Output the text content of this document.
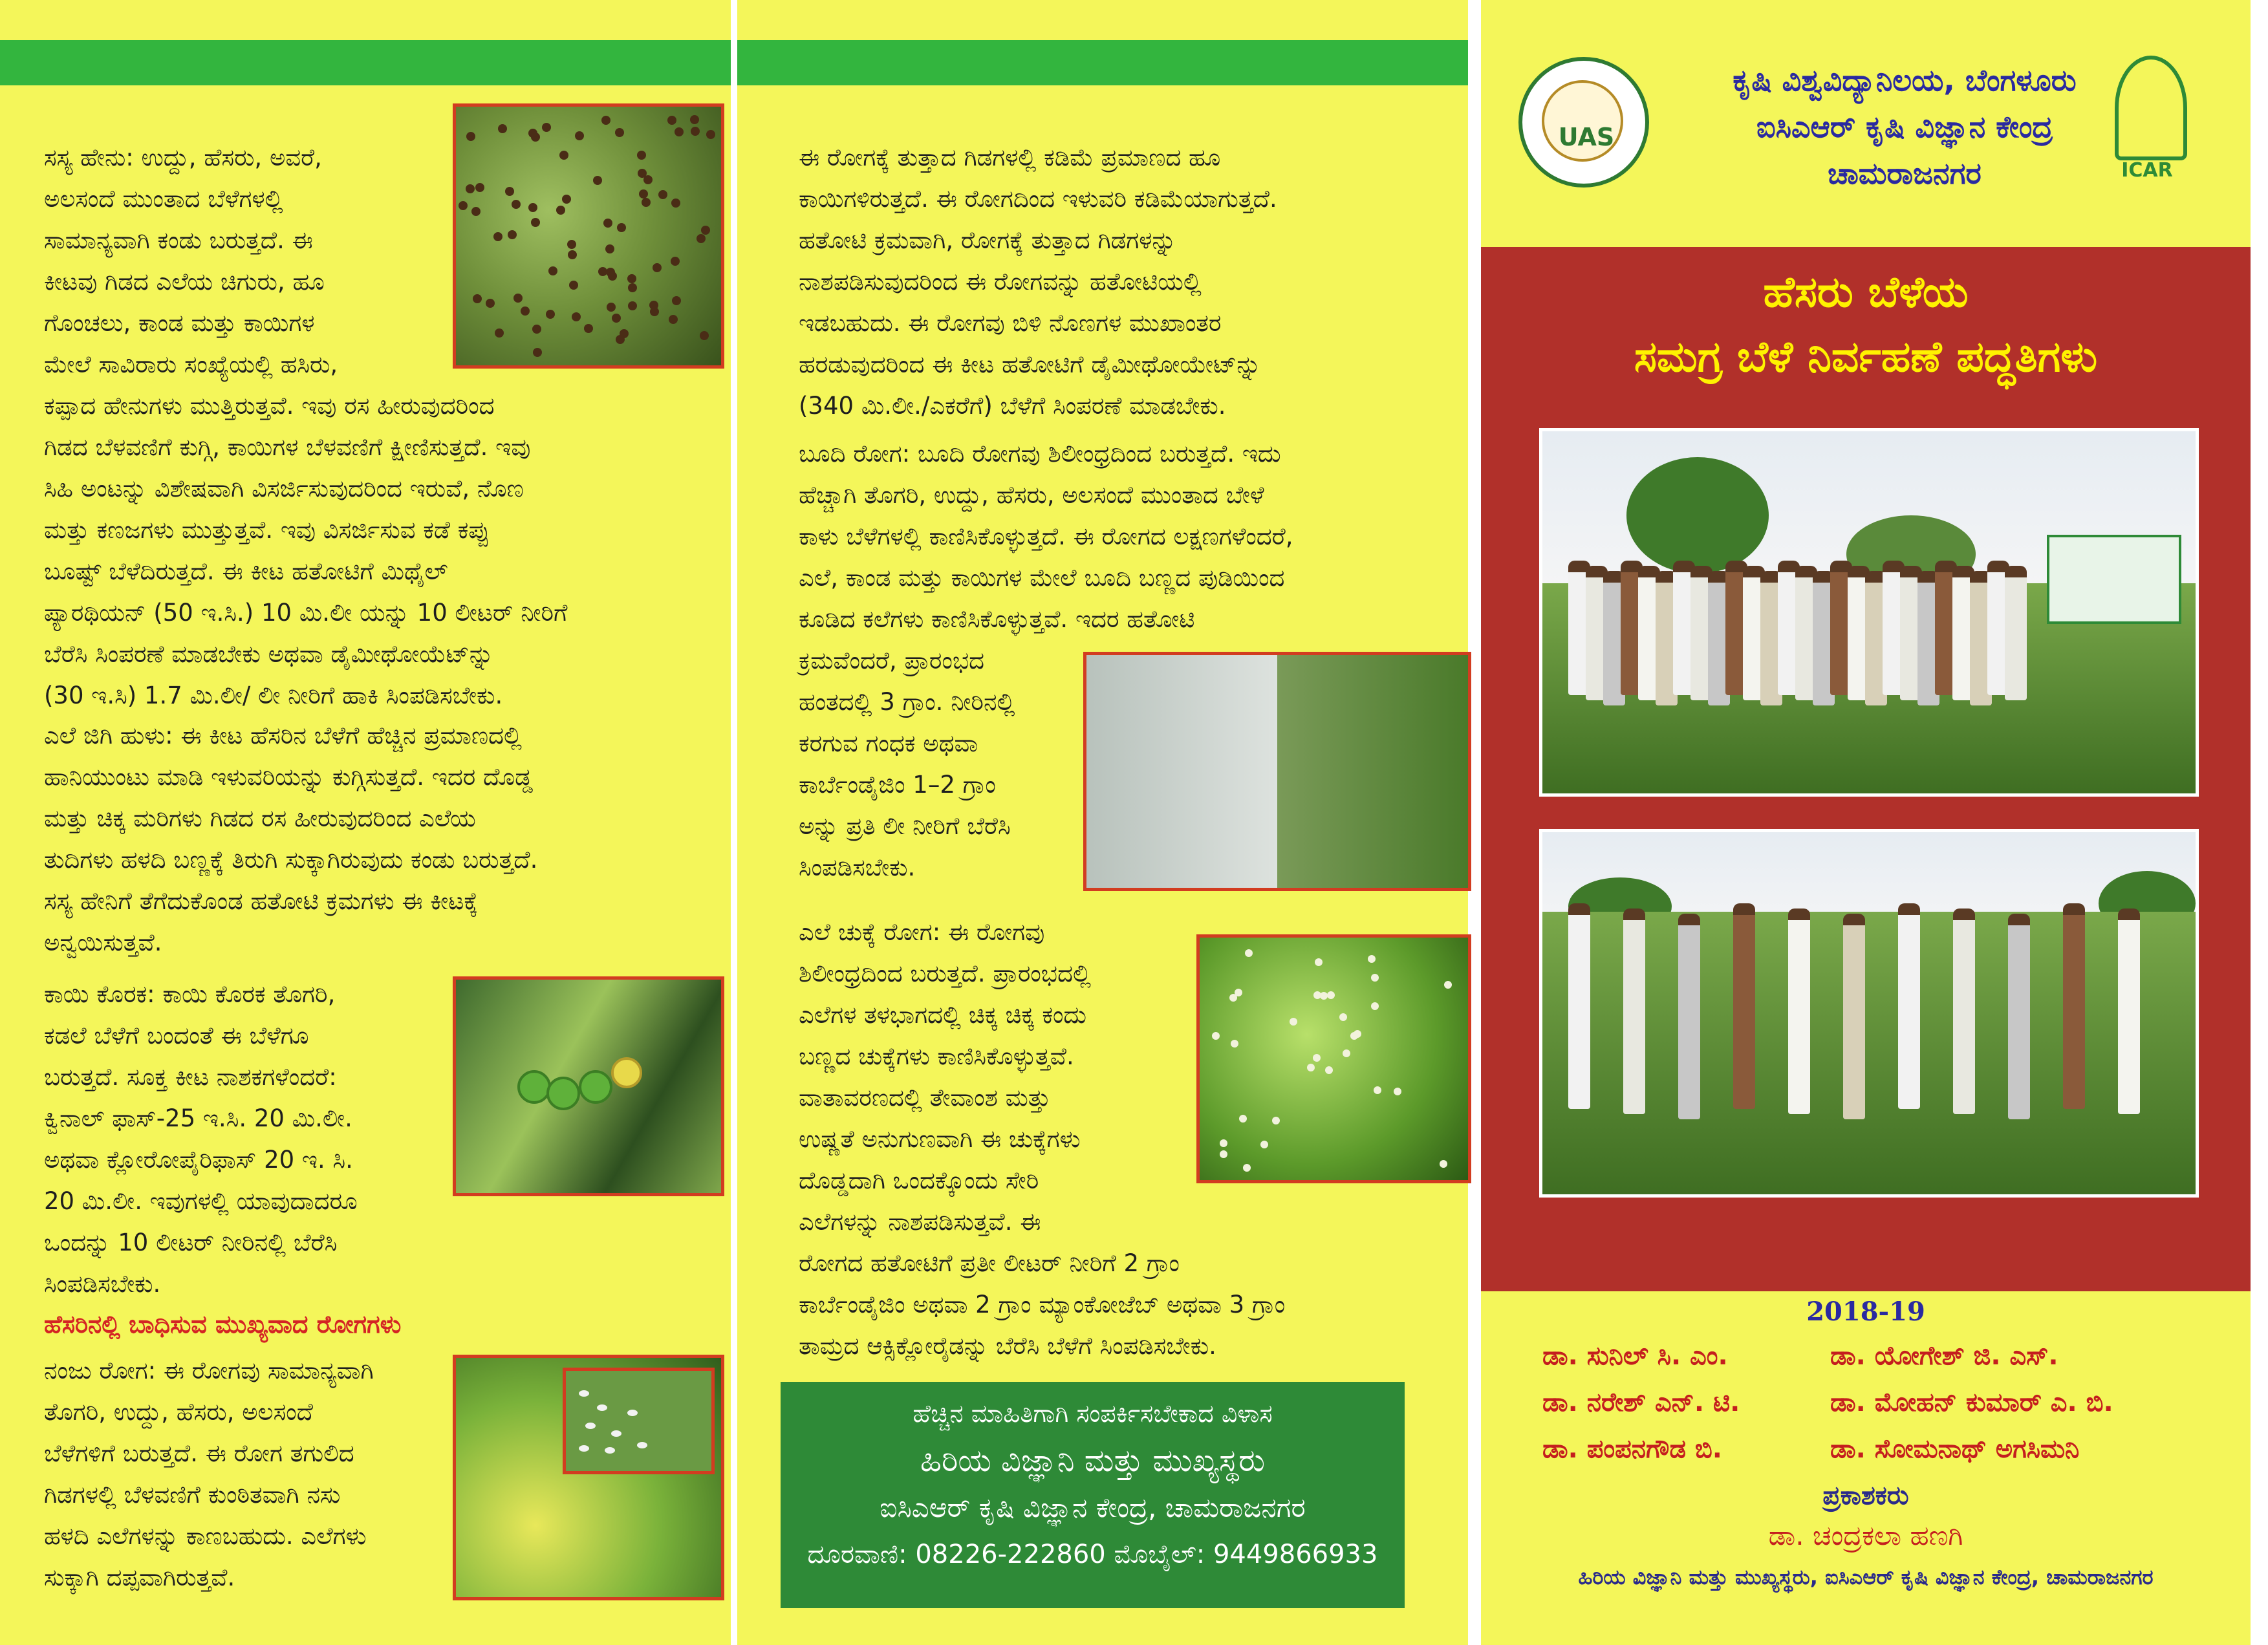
ಸಸ್ಯ ಹೇನು: ಉದ್ದು, ಹೆಸರು, ಅವರೆ,
ಅಲಸಂದೆ ಮುಂತಾದ ಬೆಳೆಗಳಲ್ಲಿ
ಸಾಮಾನ್ಯವಾಗಿ ಕಂಡು ಬರುತ್ತದೆ. ಈ
ಕೀಟವು ಗಿಡದ ಎಲೆಯ ಚಿಗುರು, ಹೂ
ಗೊಂಚಲು, ಕಾಂಡ ಮತ್ತು ಕಾಯಿಗಳ
ಮೇಲೆ ಸಾವಿರಾರು ಸಂಖ್ಯೆಯಲ್ಲಿ ಹಸಿರು,
ಕಪ್ಪಾದ ಹೇನುಗಳು ಮುತ್ತಿರುತ್ತವೆ. ಇವು ರಸ ಹೀರುವುದರಿಂದ
ಗಿಡದ ಬೆಳವಣಿಗೆ ಕುಗ್ಗಿ, ಕಾಯಿಗಳ ಬೆಳವಣಿಗೆ ಕ್ಷೀಣಿಸುತ್ತದೆ. ಇವು
ಸಿಹಿ ಅಂಟನ್ನು ವಿಶೇಷವಾಗಿ ವಿಸರ್ಜಿಸುವುದರಿಂದ ಇರುವೆ, ನೊಣ
ಮತ್ತು ಕಣಜಗಳು ಮುತ್ತುತ್ತವೆ. ಇವು ವಿಸರ್ಜಿಸುವ ಕಡೆ ಕಪ್ಪು
ಬೂಷ್ಟ್ ಬೆಳೆದಿರುತ್ತದೆ. ಈ ಕೀಟ ಹತೋಟಿಗೆ ಮಿಥೈಲ್
ಪ್ಯಾರಥಿಯನ್ (50 ಇ.ಸಿ.) 10 ಮಿ.ಲೀ ಯನ್ನು 10 ಲೀಟರ್ ನೀರಿಗೆ
ಬೆರೆಸಿ ಸಿಂಪರಣೆ ಮಾಡಬೇಕು ಅಥವಾ ಡೈಮೀಥೋಯೆಟ್‌ನ್ನು
(30 ಇ.ಸಿ) 1.7 ಮಿ.ಲೀ/ ಲೀ ನೀರಿಗೆ ಹಾಕಿ ಸಿಂಪಡಿಸಬೇಕು.
ಎಲೆ ಜಿಗಿ ಹುಳು: ಈ ಕೀಟ ಹೆಸರಿನ ಬೆಳೆಗೆ ಹೆಚ್ಚಿನ ಪ್ರಮಾಣದಲ್ಲಿ
ಹಾನಿಯುಂಟು ಮಾಡಿ ಇಳುವರಿಯನ್ನು ಕುಗ್ಗಿಸುತ್ತದೆ. ಇದರ ದೊಡ್ಡ
ಮತ್ತು ಚಿಕ್ಕ ಮರಿಗಳು ಗಿಡದ ರಸ ಹೀರುವುದರಿಂದ ಎಲೆಯ
ತುದಿಗಳು ಹಳದಿ ಬಣ್ಣಕ್ಕೆ ತಿರುಗಿ ಸುಕ್ಕಾಗಿರುವುದು ಕಂಡು ಬರುತ್ತದೆ.
ಸಸ್ಯ ಹೇನಿಗೆ ತೆಗೆದುಕೊಂಡ ಹತೋಟಿ ಕ್ರಮಗಳು ಈ ಕೀಟಕ್ಕೆ
ಅನ್ವಯಿಸುತ್ತವೆ.
ಕಾಯಿ ಕೊರಕ: ಕಾಯಿ ಕೊರಕ ತೊಗರಿ,
ಕಡಲೆ ಬೆಳೆಗೆ ಬಂದಂತೆ ಈ ಬೆಳೆಗೂ
ಬರುತ್ತದೆ. ಸೂಕ್ತ ಕೀಟ ನಾಶಕಗಳೆಂದರೆ:
ಕ್ವಿನಾಲ್ ಫಾಸ್-25 ಇ.ಸಿ. 20 ಮಿ.ಲೀ.
ಅಥವಾ ಕ್ಲೋರೋಪೈರಿಫಾಸ್ 20 ಇ. ಸಿ.
20 ಮಿ.ಲೀ. ಇವುಗಳಲ್ಲಿ ಯಾವುದಾದರೂ
ಒಂದನ್ನು 10 ಲೀಟರ್ ನೀರಿನಲ್ಲಿ ಬೆರೆಸಿ
ಸಿಂಪಡಿಸಬೇಕು.
ಹೆಸರಿನಲ್ಲಿ ಬಾಧಿಸುವ ಮುಖ್ಯವಾದ ರೋಗಗಳು
ನಂಜು ರೋಗ: ಈ ರೋಗವು ಸಾಮಾನ್ಯವಾಗಿ
ತೊಗರಿ, ಉದ್ದು, ಹೆಸರು, ಅಲಸಂದೆ
ಬೆಳೆಗಳಿಗೆ ಬರುತ್ತದೆ. ಈ ರೋಗ ತಗುಲಿದ
ಗಿಡಗಳಲ್ಲಿ ಬೆಳವಣಿಗೆ ಕುಂಠಿತವಾಗಿ ನಸು
ಹಳದಿ ಎಲೆಗಳನ್ನು ಕಾಣಬಹುದು. ಎಲೆಗಳು
ಸುಕ್ಕಾಗಿ ದಪ್ಪವಾಗಿರುತ್ತವೆ.
ಈ ರೋಗಕ್ಕೆ ತುತ್ತಾದ ಗಿಡಗಳಲ್ಲಿ ಕಡಿಮೆ ಪ್ರಮಾಣದ ಹೂ
ಕಾಯಿಗಳಿರುತ್ತದೆ. ಈ ರೋಗದಿಂದ ಇಳುವರಿ ಕಡಿಮೆಯಾಗುತ್ತದೆ.
ಹತೋಟಿ ಕ್ರಮವಾಗಿ, ರೋಗಕ್ಕೆ ತುತ್ತಾದ ಗಿಡಗಳನ್ನು
ನಾಶಪಡಿಸುವುದರಿಂದ ಈ ರೋಗವನ್ನು ಹತೋಟಿಯಲ್ಲಿ
ಇಡಬಹುದು. ಈ ರೋಗವು ಬಿಳಿ ನೊಣಗಳ ಮುಖಾಂತರ
ಹರಡುವುದರಿಂದ ಈ ಕೀಟ ಹತೋಟಿಗೆ ಡೈಮೀಥೋಯೇಟ್‌ನ್ನು
(340 ಮಿ.ಲೀ./ಎಕರೆಗೆ) ಬೆಳೆಗೆ ಸಿಂಪರಣೆ ಮಾಡಬೇಕು.
ಬೂದಿ ರೋಗ: ಬೂದಿ ರೋಗವು ಶಿಲೀಂಧ್ರದಿಂದ ಬರುತ್ತದೆ. ಇದು
ಹೆಚ್ಚಾಗಿ ತೊಗರಿ, ಉದ್ದು, ಹೆಸರು, ಅಲಸಂದೆ ಮುಂತಾದ ಬೇಳೆ
ಕಾಳು ಬೆಳೆಗಳಲ್ಲಿ ಕಾಣಿಸಿಕೊಳ್ಳುತ್ತದೆ. ಈ ರೋಗದ ಲಕ್ಷಣಗಳೆಂದರೆ,
ಎಲೆ, ಕಾಂಡ ಮತ್ತು ಕಾಯಿಗಳ ಮೇಲೆ ಬೂದಿ ಬಣ್ಣದ ಪುಡಿಯಿಂದ
ಕೂಡಿದ ಕಲೆಗಳು ಕಾಣಿಸಿಕೊಳ್ಳುತ್ತವೆ. ಇದರ ಹತೋಟಿ
ಕ್ರಮವೆಂದರೆ, ಪ್ರಾರಂಭದ
ಹಂತದಲ್ಲಿ 3 ಗ್ರಾಂ. ನೀರಿನಲ್ಲಿ
ಕರಗುವ ಗಂಧಕ ಅಥವಾ
ಕಾರ್ಬೆಂಡೈಜಿಂ 1–2 ಗ್ರಾಂ
ಅನ್ನು ಪ್ರತಿ ಲೀ ನೀರಿಗೆ ಬೆರೆಸಿ
ಸಿಂಪಡಿಸಬೇಕು.
ಎಲೆ ಚುಕ್ಕೆ ರೋಗ: ಈ ರೋಗವು
ಶಿಲೀಂಧ್ರದಿಂದ ಬರುತ್ತದೆ. ಪ್ರಾರಂಭದಲ್ಲಿ
ಎಲೆಗಳ ತಳಭಾಗದಲ್ಲಿ ಚಿಕ್ಕ ಚಿಕ್ಕ ಕಂದು
ಬಣ್ಣದ ಚುಕ್ಕೆಗಳು ಕಾಣಿಸಿಕೊಳ್ಳುತ್ತವೆ.
ವಾತಾವರಣದಲ್ಲಿ ತೇವಾಂಶ ಮತ್ತು
ಉಷ್ಣತೆ ಅನುಗುಣವಾಗಿ ಈ ಚುಕ್ಕೆಗಳು
ದೊಡ್ಡದಾಗಿ ಒಂದಕ್ಕೊಂದು ಸೇರಿ
ಎಲೆಗಳನ್ನು ನಾಶಪಡಿಸುತ್ತವೆ. ಈ
ರೋಗದ ಹತೋಟಿಗೆ ಪ್ರತೀ ಲೀಟರ್ ನೀರಿಗೆ 2 ಗ್ರಾಂ
ಕಾರ್ಬೆಂಡೈಜಿಂ ಅಥವಾ 2 ಗ್ರಾಂ ಮ್ಯಾಂಕೋಜೆಬ್ ಅಥವಾ 3 ಗ್ರಾಂ
ತಾಮ್ರದ ಆಕ್ಸಿಕ್ಲೋರೈಡನ್ನು ಬೆರೆಸಿ ಬೆಳೆಗೆ ಸಿಂಪಡಿಸಬೇಕು.
ಹೆಚ್ಚಿನ ಮಾಹಿತಿಗಾಗಿ ಸಂಪರ್ಕಿಸಬೇಕಾದ ವಿಳಾಸ
ಹಿರಿಯ ವಿಜ್ಞಾನಿ ಮತ್ತು ಮುಖ್ಯಸ್ಥರು
ಐಸಿಎಆರ್ ಕೃಷಿ ವಿಜ್ಞಾನ ಕೇಂದ್ರ, ಚಾಮರಾಜನಗರ
ದೂರವಾಣಿ: 08226-222860 ಮೊಬೈಲ್: 9449866933
UAS
ಕೃಷಿ ವಿಶ್ವವಿದ್ಯಾನಿಲಯ, ಬೆಂಗಳೂರು
ಐಸಿಎಆರ್ ಕೃಷಿ ವಿಜ್ಞಾನ ಕೇಂದ್ರ
ಚಾಮರಾಜನಗರ	ICAR
ಹೆಸರು ಬೆಳೆಯ
ಸಮಗ್ರ ಬೆಳೆ ನಿರ್ವಹಣೆ ಪದ್ಧತಿಗಳು
2018-19
ಡಾ. ಸುನಿಲ್ ಸಿ. ಎಂ.
ಡಾ. ನರೇಶ್ ಎನ್. ಟಿ.
ಡಾ. ಪಂಪನಗೌಡ ಬಿ.
ಡಾ. ಯೋಗೇಶ್ ಜಿ. ಎಸ್.
ಡಾ. ಮೋಹನ್ ಕುಮಾರ್ ಎ. ಬಿ.
ಡಾ. ಸೋಮನಾಥ್ ಅಗಸಿಮನಿ
ಪ್ರಕಾಶಕರು
ಡಾ. ಚಂದ್ರಕಲಾ ಹಣಗಿ
ಹಿರಿಯ ವಿಜ್ಞಾನಿ ಮತ್ತು ಮುಖ್ಯಸ್ಥರು, ಐಸಿಎಆರ್ ಕೃಷಿ ವಿಜ್ಞಾನ ಕೇಂದ್ರ, ಚಾಮರಾಜನಗರ
